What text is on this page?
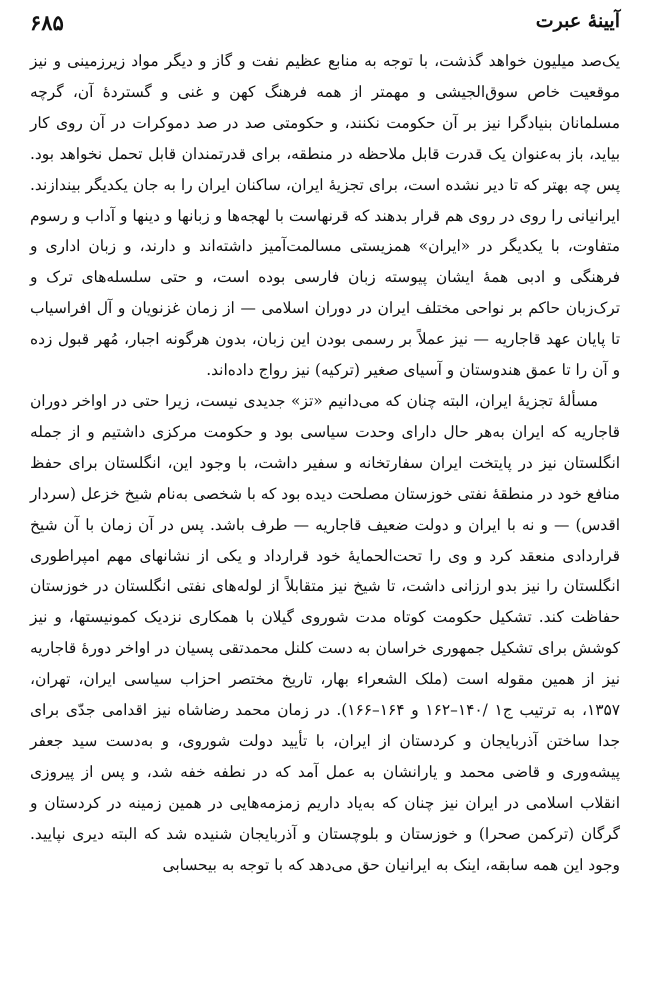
۶۸۵	آیینهٔ عبرت

یک‌صد میلیون خواهد گذشت، با توجه به منابع عظیم نفت و گاز و دیگر مواد زیرزمینی و نیز موقعیت خاص سوق‌الجیشی و مهمتر از همه فرهنگ کهن و غنی و گستردهٔ آن، گرچه مسلمانان بنیادگرا نیز بر آن حکومت نکنند، و حکومتی صد در صد دموکرات در آن روی کار بیاید، باز به‌عنوان یک قدرت قابل ملاحظه در منطقه، برای قدرتمندان قابل تحمل نخواهد بود. پس چه بهتر که تا دیر نشده است، برای تجزیهٔ ایران، ساکنان ایران را به جان یکدیگر بیندازند. ایرانیانی را روی در روی هم قرار بدهند که قرنهاست با لهجه‌ها و زبانها و دینها و آداب و رسوم متفاوت، با یکدیگر در «ایران» همزیستی مسالمت‌آمیز داشته‌اند و دارند، و زبان اداری و فرهنگی و ادبی همهٔ ایشان پیوسته زبان فارسی بوده است، و حتی سلسله‌های ترک و ترک‌زبان حاکم بر نواحی مختلف ایران در دوران اسلامی — از زمان غزنویان و آل افراسیاب تا پایان عهد قاجاریه — نیز عملاً بر رسمی بودن این زبان، بدون هرگونه اجبار، مُهر قبول زده و آن را تا عمق هندوستان و آسیای صغیر (ترکیه) نیز رواج داده‌اند.

مسألهٔ تجزیهٔ ایران، البته چنان که می‌دانیم «تز» جدیدی نیست، زیرا حتی در اواخر دوران قاجاریه که ایران به‌هر حال دارای وحدت سیاسی بود و حکومت مرکزی داشتیم و از جمله انگلستان نیز در پایتخت ایران سفارتخانه و سفیر داشت، با وجود این، انگلستان برای حفظ منافع خود در منطقهٔ نفتی خوزستان مصلحت دیده بود که با شخصی به‌نام شیخ خزعل (سردار اقدس) — و نه با ایران و دولت ضعیف قاجاریه — طرف باشد. پس در آن زمان با آن شیخ قراردادی منعقد کرد و وی را تحت‌الحمایهٔ خود قرارداد و یکی از نشانهای مهم امپراطوری انگلستان را نیز بدو ارزانی داشت، تا شیخ نیز متقابلاً از لوله‌های نفتی انگلستان در خوزستان حفاظت کند. تشکیل حکومت کوتاه مدت شوروی گیلان با همکاری نزدیک کمونیستها، و نیز کوشش برای تشکیل جمهوری خراسان به دست کلنل محمدتقی پسیان در اواخر دورهٔ قاجاریه نیز از همین مقوله است (ملک الشعراء بهار، تاریخ مختصر احزاب سیاسی ایران، تهران، ۱۳۵۷، به ترتیب ج۱ /۱۴۰–۱۶۲ و ۱۶۴–۱۶۶). در زمان محمد رضاشاه نیز اقدامی جدّی برای جدا ساختن آذربایجان و کردستان از ایران، با تأیید دولت شوروی، و به‌دست سید جعفر پیشه‌وری و قاضی محمد و یارانشان به عمل آمد که در نطفه خفه شد، و پس از پیروزی انقلاب اسلامی در ایران نیز چنان که به‌یاد داریم زمزمه‌هایی در همین زمینه در کردستان و گرگان (ترکمن صحرا) و خوزستان و بلوچستان و آذربایجان شنیده شد که البته دیری نپایید. وجود این همه سابقه، اینک به ایرانیان حق می‌دهد که با توجه به بیحسابی
